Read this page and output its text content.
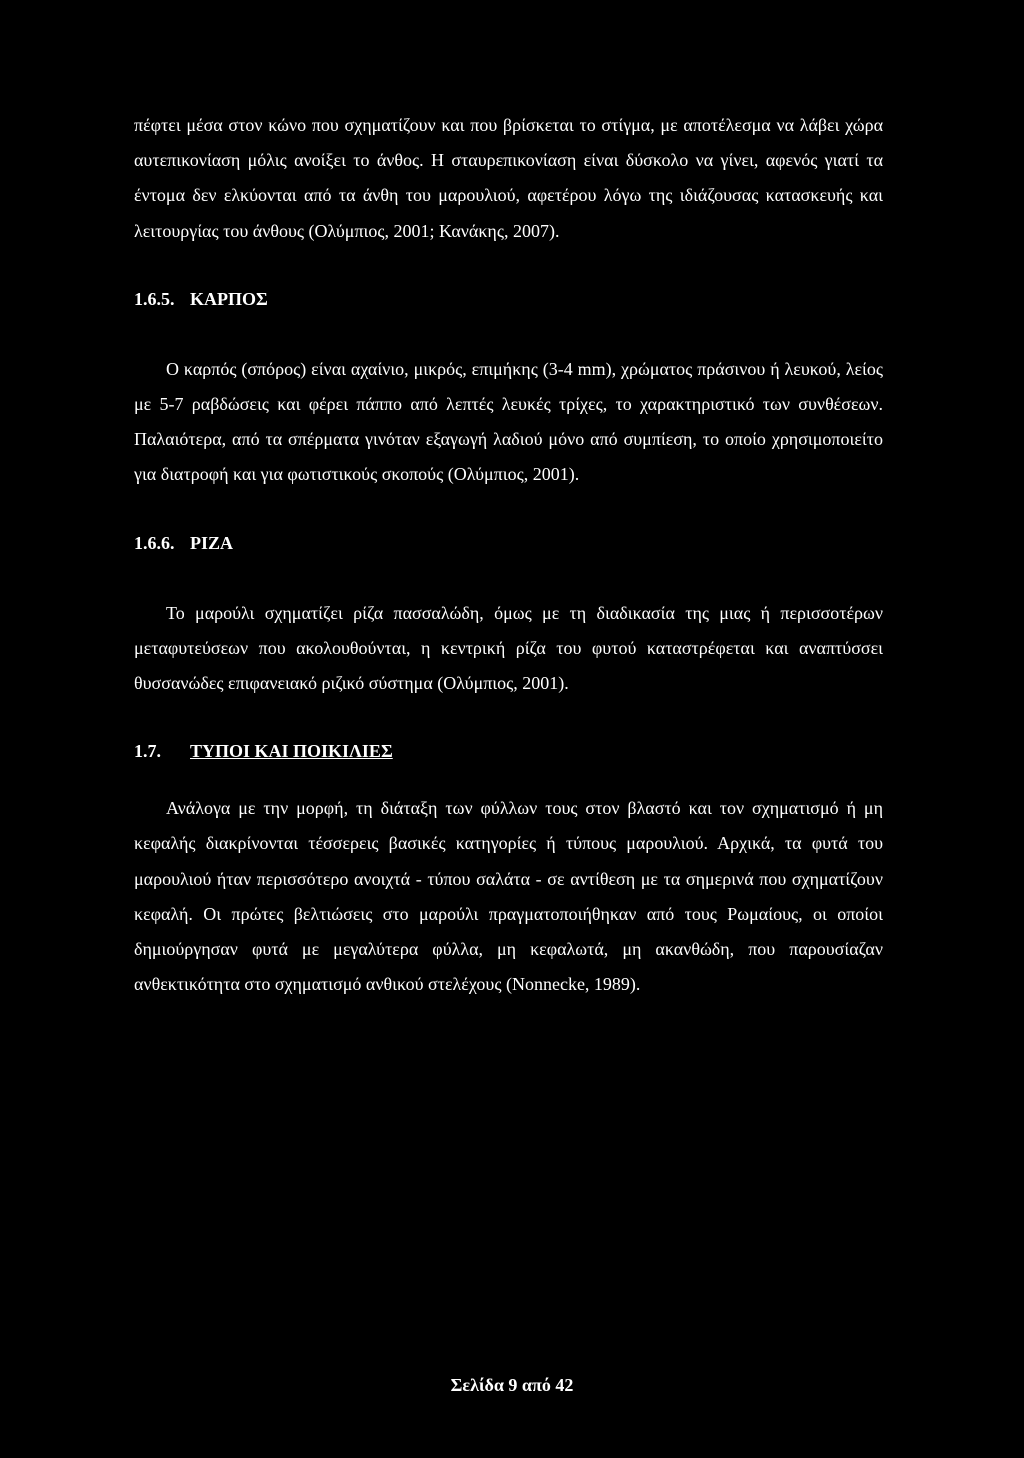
πέφτει μέσα στον κώνο που σχηματίζουν και που βρίσκεται το στίγμα, με αποτέλεσμα να λάβει χώρα αυτεπικονίαση μόλις ανοίξει το άνθος. Η σταυρεπικονίαση είναι δύσκολο να γίνει, αφενός γιατί τα έντομα δεν ελκύονται από τα άνθη του μαρουλιού, αφετέρου λόγω της ιδιάζουσας κατασκευής και λειτουργίας του άνθους (Ολύμπιος, 2001; Κανάκης, 2007).

1.6.5. ΚΑΡΠΟΣ

Ο καρπός (σπόρος) είναι αχαίνιο, μικρός, επιμήκης (3-4 mm), χρώματος πράσινου ή λευκού, λείος με 5-7 ραβδώσεις και φέρει πάππο από λεπτές λευκές τρίχες, το χαρακτηριστικό των συνθέσεων. Παλαιότερα, από τα σπέρματα γινόταν εξαγωγή λαδιού μόνο από συμπίεση, το οποίο χρησιμοποιείτο για διατροφή και για φωτιστικούς σκοπούς (Ολύμπιος, 2001).

1.6.6. ΡΙΖΑ

Το μαρούλι σχηματίζει ρίζα πασσαλώδη, όμως με τη διαδικασία της μιας ή περισσοτέρων μεταφυτεύσεων που ακολουθούνται, η κεντρική ρίζα του φυτού καταστρέφεται και αναπτύσσει θυσσανώδες επιφανειακό ριζικό σύστημα (Ολύμπιος, 2001).

1.7. ΤΥΠΟΙ ΚΑΙ ΠΟΙΚΙΛΙΕΣ

Ανάλογα με την μορφή, τη διάταξη των φύλλων τους στον βλαστό και τον σχηματισμό ή μη κεφαλής διακρίνονται τέσσερεις βασικές κατηγορίες ή τύπους μαρουλιού. Αρχικά, τα φυτά του μαρουλιού ήταν περισσότερο ανοιχτά - τύπου σαλάτα - σε αντίθεση με τα σημερινά που σχηματίζουν κεφαλή. Οι πρώτες βελτιώσεις στο μαρούλι πραγματοποιήθηκαν από τους Ρωμαίους, οι οποίοι δημιούργησαν φυτά με μεγαλύτερα φύλλα, μη κεφαλωτά, μη ακανθώδη, που παρουσίαζαν ανθεκτικότητα στο σχηματισμό ανθικού στελέχους (Nonnecke, 1989).

Σελίδα 9 από 42
